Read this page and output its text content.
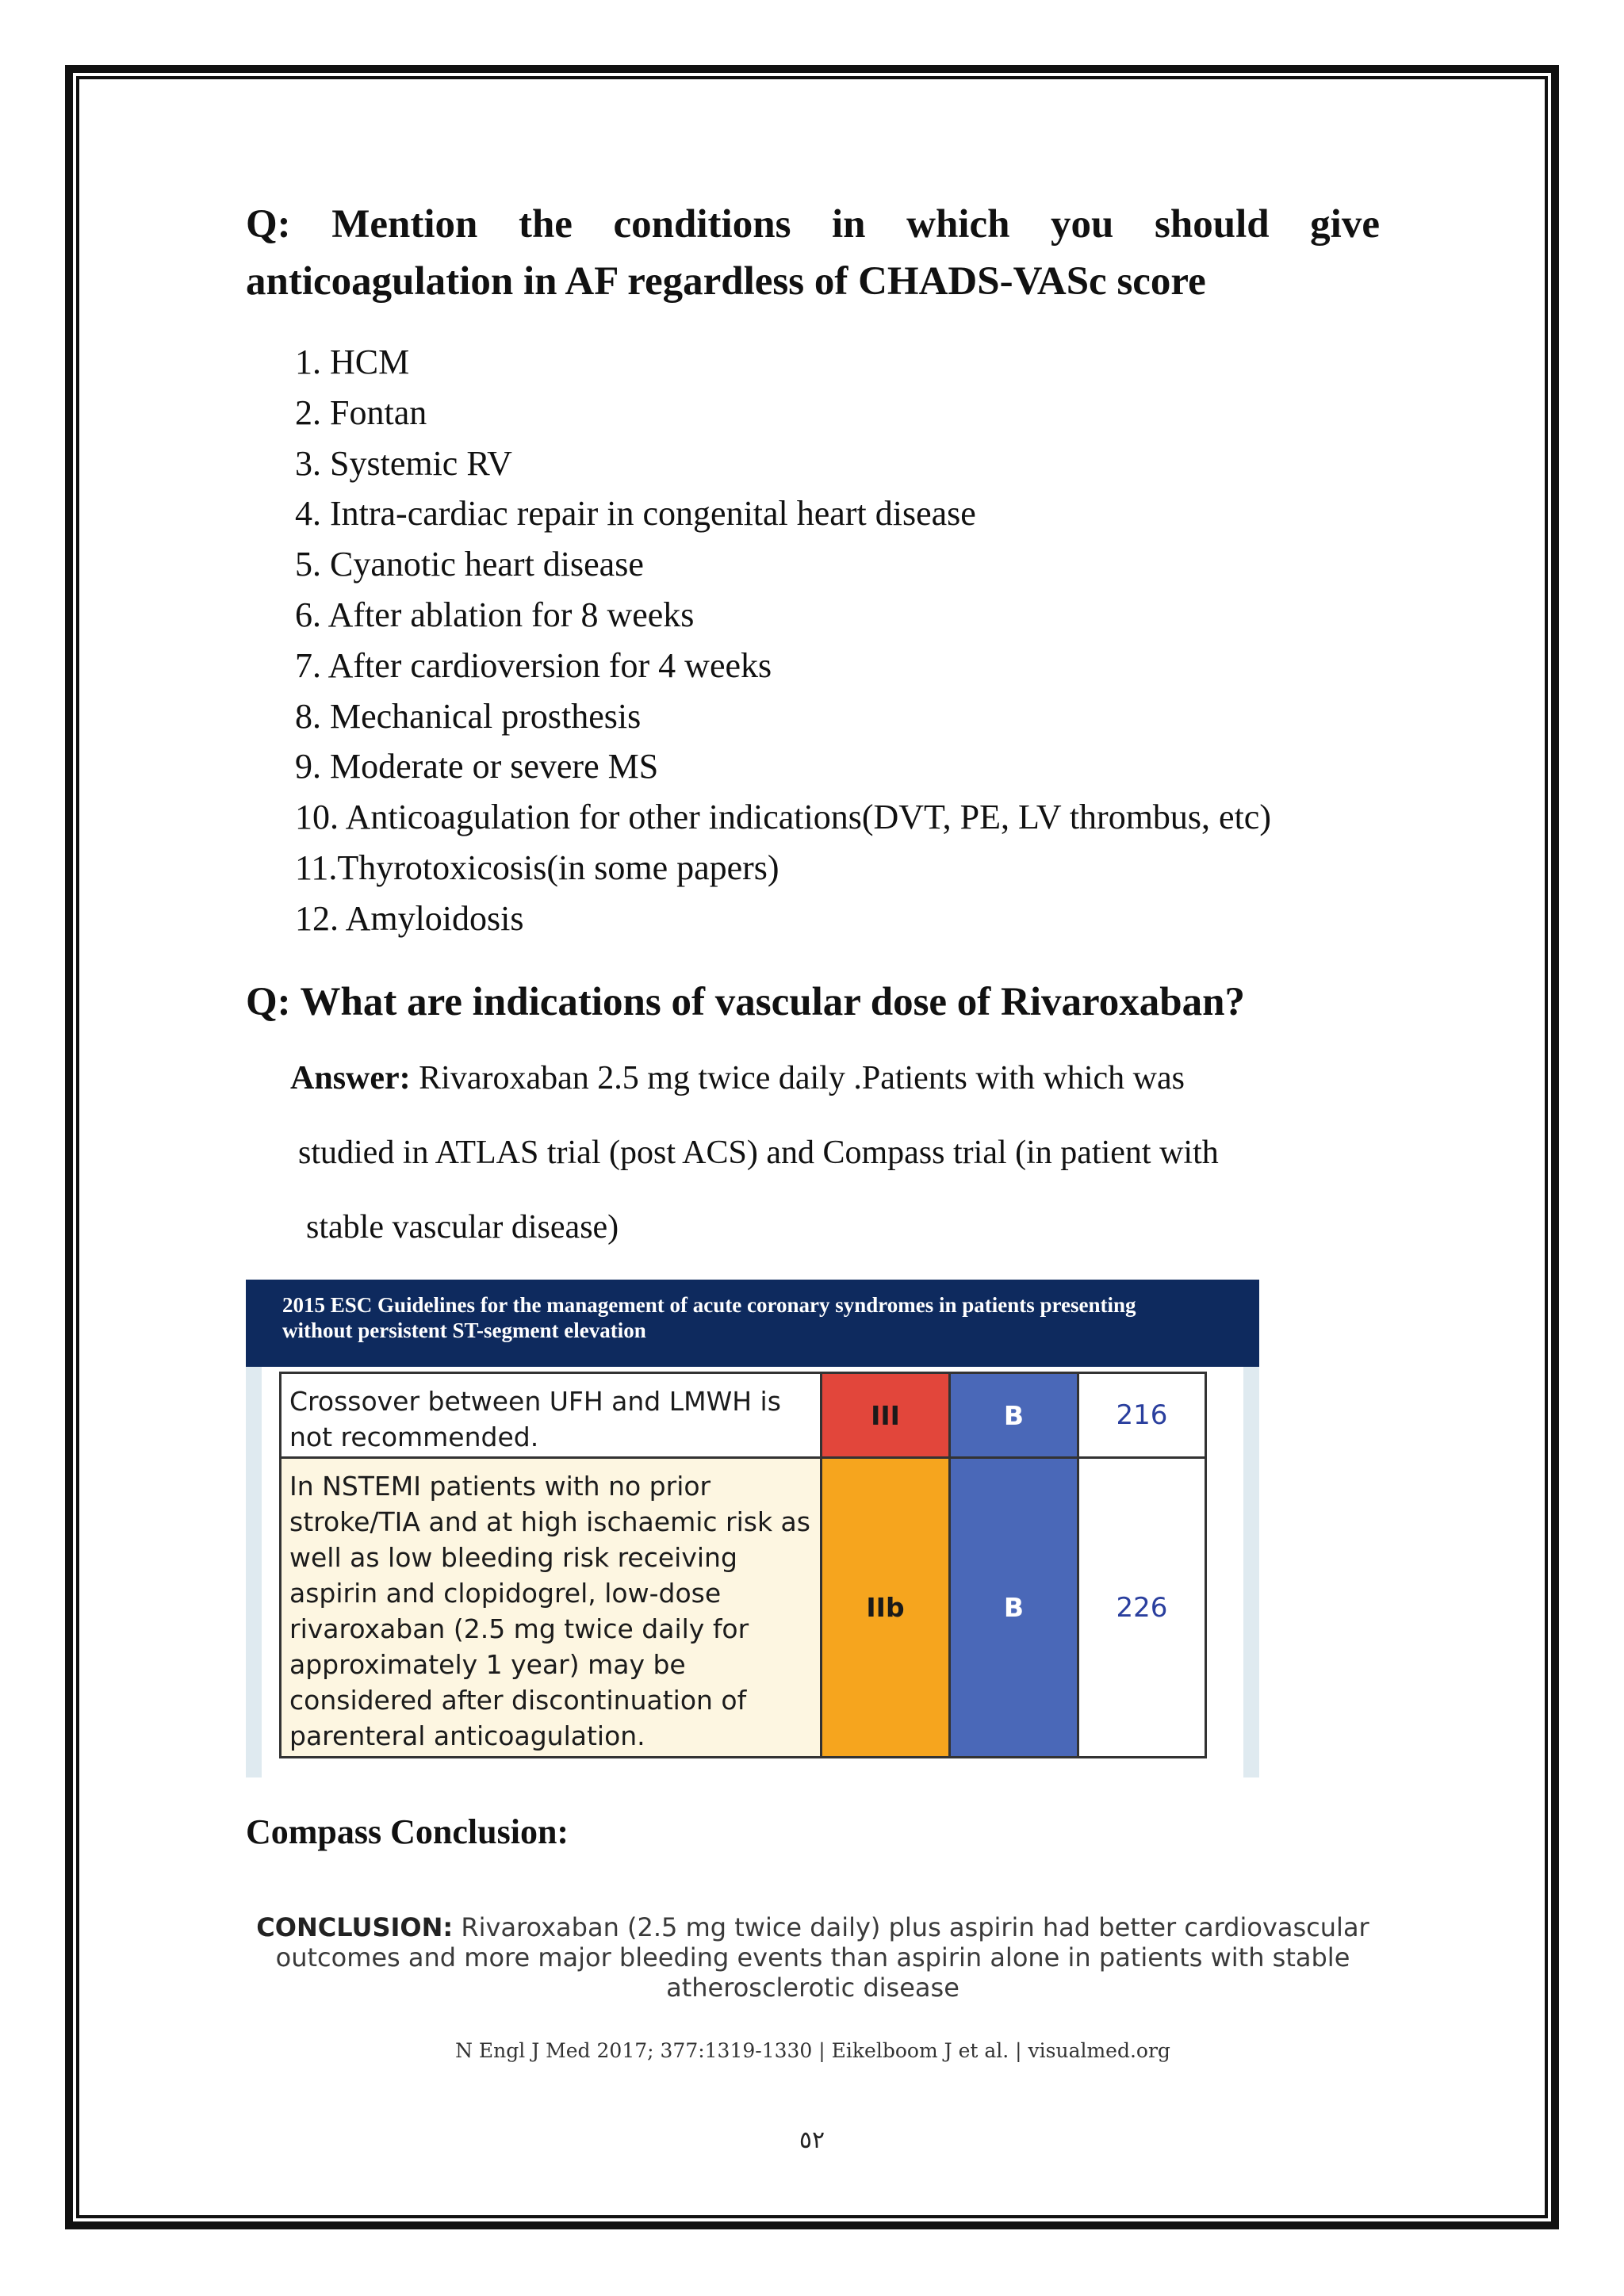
Q: Mention the conditions in which you should give anticoagulation in AF regardless of CHADS-VASc score
1. HCM
2. Fontan
3. Systemic RV
4. Intra-cardiac repair in congenital heart disease
5. Cyanotic heart disease
6. After ablation for 8 weeks
7. After cardioversion for 4 weeks
8. Mechanical prosthesis
9. Moderate or severe MS
10. Anticoagulation for other indications(DVT, PE, LV thrombus, etc)
11.Thyrotoxicosis(in some papers)
12. Amyloidosis
Q: What are indications of vascular dose of Rivaroxaban?
Answer: Rivaroxaban 2.5 mg twice daily .Patients with which was
studied in ATLAS trial (post ACS) and Compass trial (in patient with
stable vascular disease)
2015 ESC Guidelines for the management of acute coronary syndromes in patients presenting
without persistent ST-segment elevation
Crossover between UFH and LMWH is not recommended.
III	B	216
In NSTEMI patients with no prior stroke/TIA and at high ischaemic risk as well as low bleeding risk receiving aspirin and clopidogrel, low-dose rivaroxaban (2.5 mg twice daily for approximately 1 year) may be considered after discontinuation of parenteral anticoagulation.
IIb	B	226
Compass Conclusion:
CONCLUSION: Rivaroxaban (2.5 mg twice daily) plus aspirin had better cardiovascular outcomes and more major bleeding events than aspirin alone in patients with stable atherosclerotic disease
N Engl J Med 2017; 377:1319-1330 | Eikelboom J et al. | visualmed.org
٥٢
